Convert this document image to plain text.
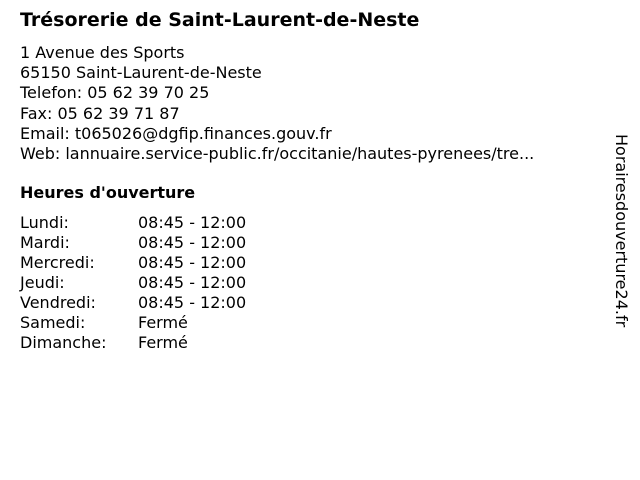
Trésorerie de Saint-Laurent-de-Neste
1 Avenue des Sports
65150 Saint-Laurent-de-Neste
Telefon: 05 62 39 70 25
Fax: 05 62 39 71 87
Email: t065026@dgfip.finances.gouv.fr
Web: lannuaire.service-public.fr/occitanie/hautes-pyrenees/tre...
Heures d'ouverture
Lundi:	08:45 - 12:00
Mardi:	08:45 - 12:00
Mercredi:	08:45 - 12:00
Jeudi:	08:45 - 12:00
Vendredi:	08:45 - 12:00
Samedi:	Fermé
Dimanche: Fermé
Horairesdouverture24.fr
